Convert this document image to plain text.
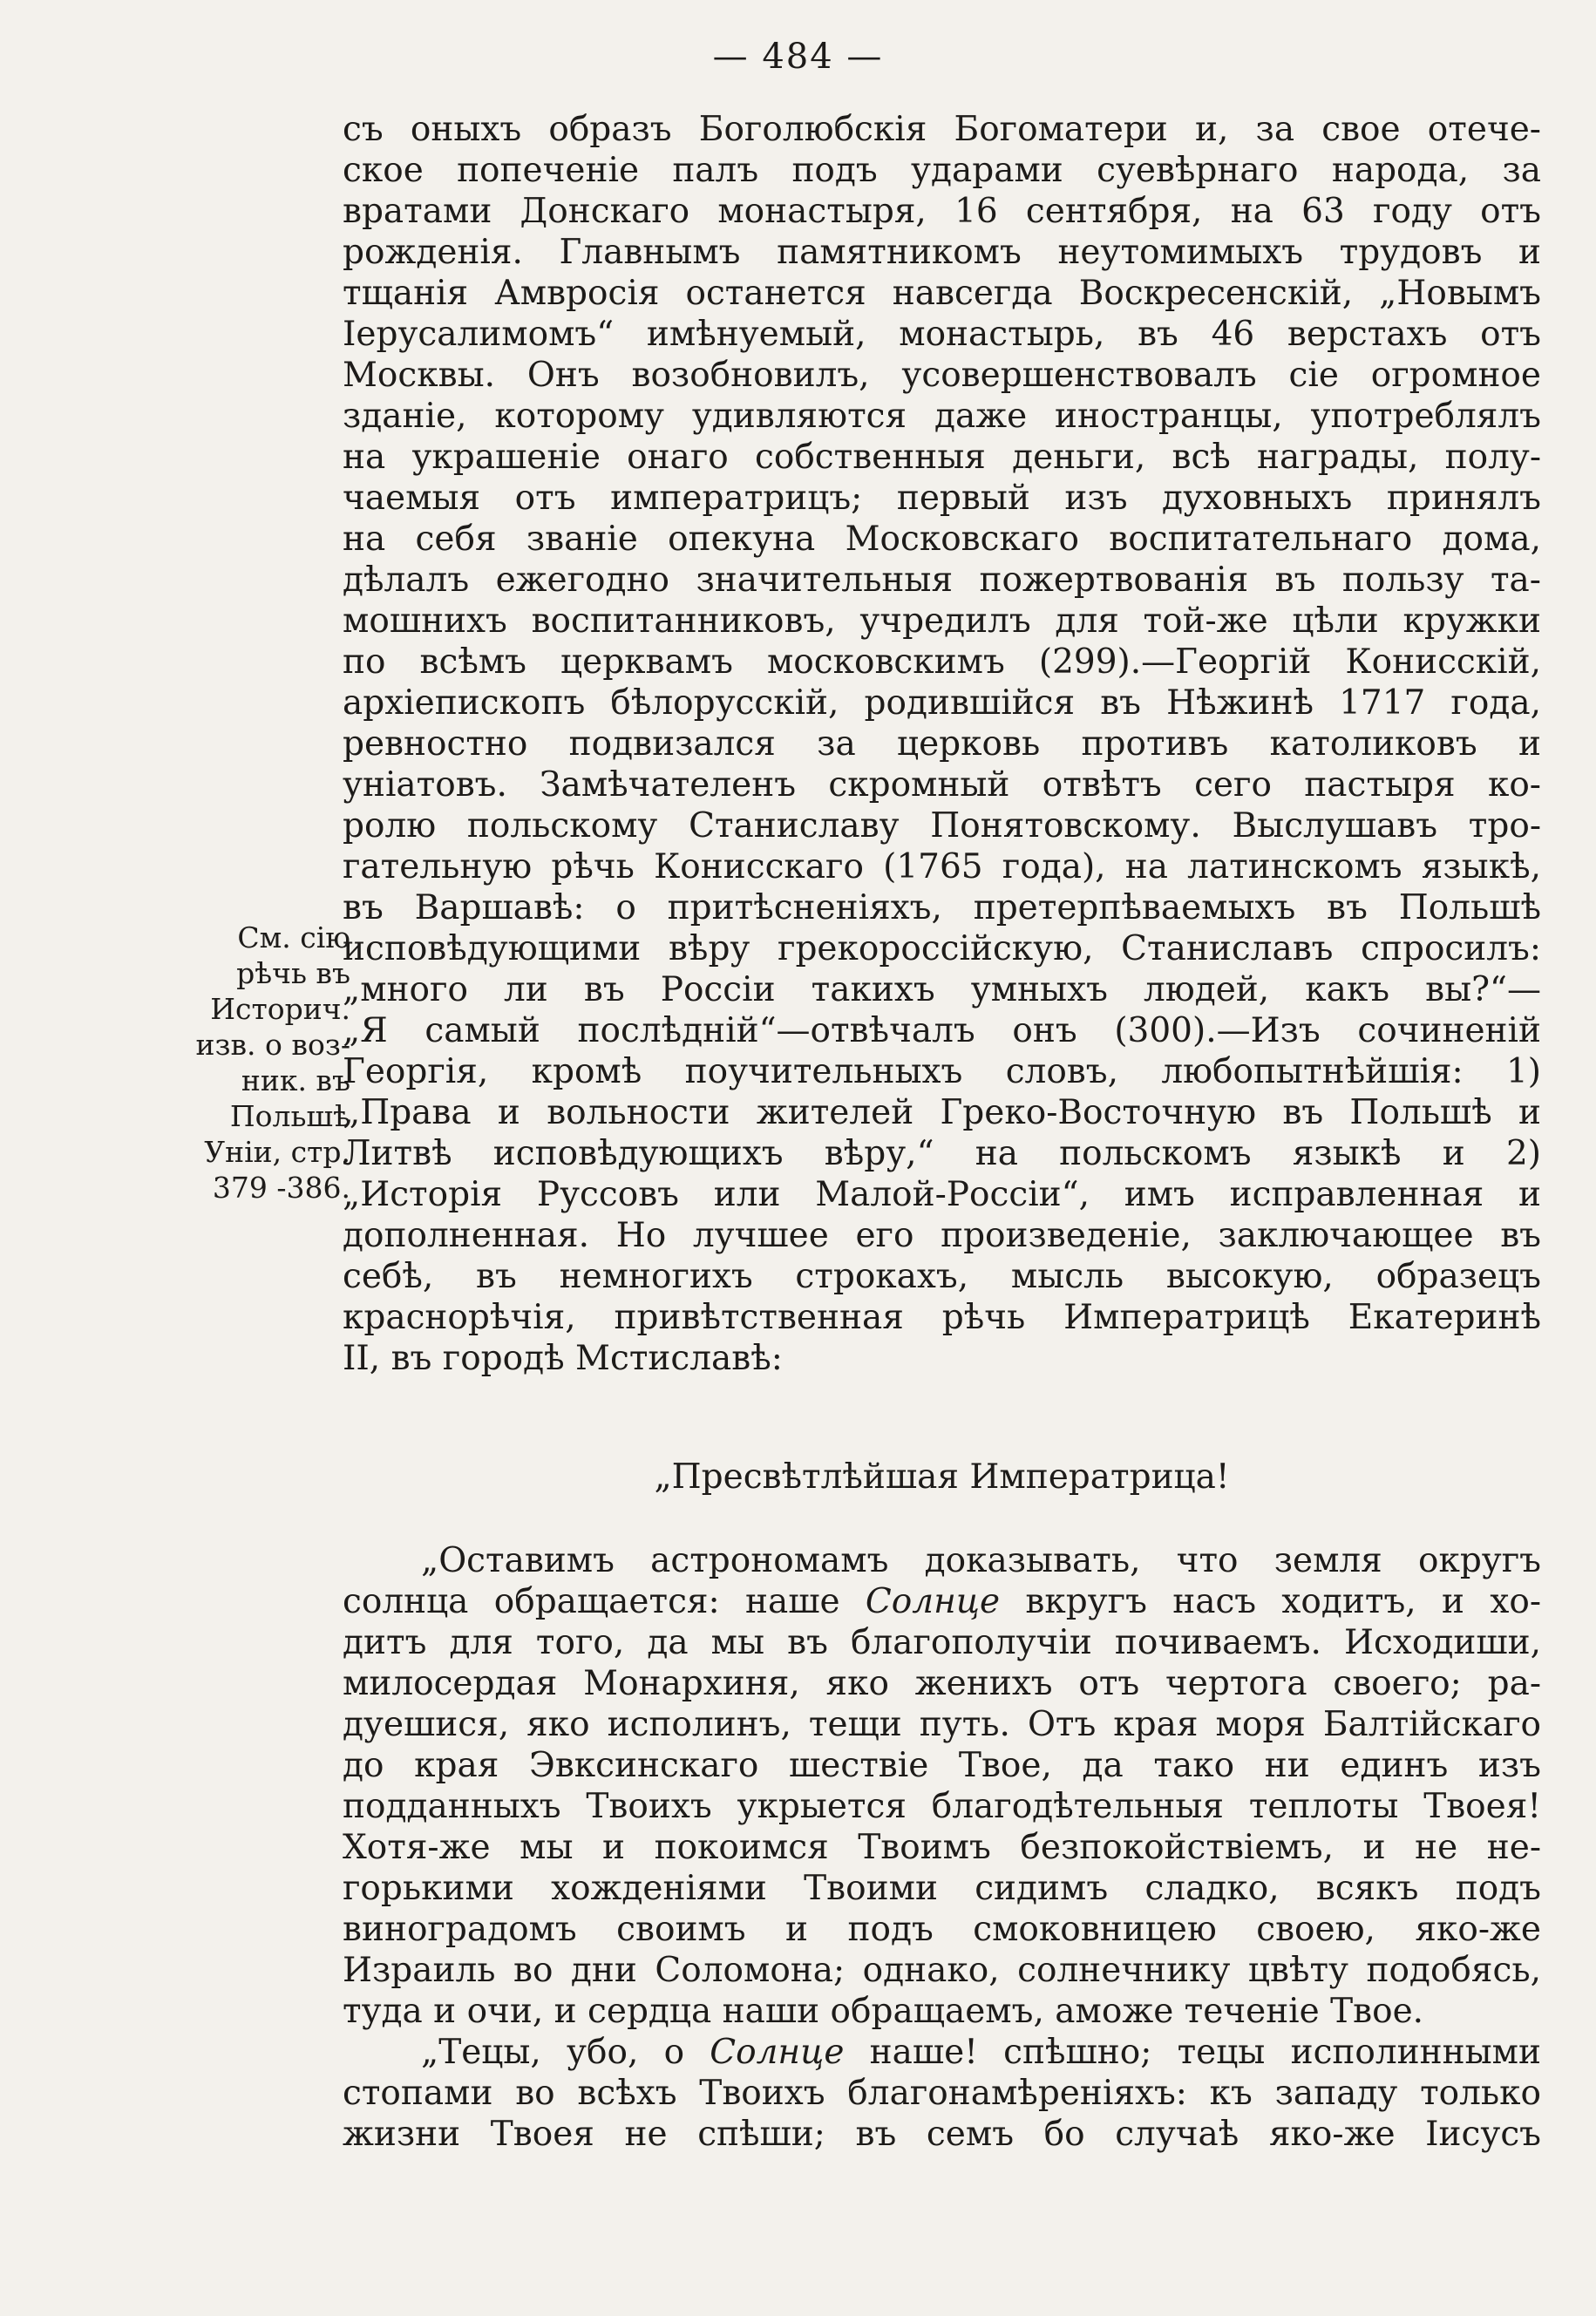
— 484 —
См. сію
рѣчь въ
Историч.
изв. о воз-
ник. въ
Польшѣ
Уніи, стр.
379 -386.
съ оныхъ образъ Боголюбскія Богоматери и, за свое отече-
ское попеченіе палъ подъ ударами суевѣрнаго народа, за
вратами Донскаго монастыря, 16 сентября, на 63 году отъ
рожденія. Главнымъ памятникомъ неутомимыхъ трудовъ и
тщанія Амвросія останется навсегда Воскресенскій, „Новымъ
Іерусалимомъ“ имѣнуемый, монастырь, въ 46 верстахъ отъ
Москвы. Онъ возобновилъ, усовершенствовалъ сіе огромное
зданіе, которому удивляются даже иностранцы, употреблялъ
на украшеніе онаго собственныя деньги, всѣ награды, полу-
чаемыя отъ императрицъ; первый изъ духовныхъ принялъ
на себя званіе опекуна Московскаго воспитательнаго дома,
дѣлалъ ежегодно значительныя пожертвованія въ пользу та-
мошнихъ воспитанниковъ, учредилъ для той-же цѣли кружки
по всѣмъ церквамъ московскимъ (299).—Георгій Конисскій,
архіепископъ бѣлорусскій, родившійся въ Нѣжинѣ 1717 года,
ревностно подвизался за церковь противъ католиковъ и
уніатовъ. Замѣчателенъ скромный отвѣтъ сего пастыря ко-
ролю польскому Станиславу Понятовскому. Выслушавъ тро-
гательную рѣчь Конисскаго (1765 года), на латинскомъ языкѣ,
въ Варшавѣ: о притѣсненіяхъ, претерпѣваемыхъ въ Польшѣ
исповѣдующими вѣру грекороссійскую, Станиславъ спросилъ:
„много ли въ Россіи такихъ умныхъ людей, какъ вы?“—
„Я самый послѣдній“—отвѣчалъ онъ (300).—Изъ сочиненій
Георгія, кромѣ поучительныхъ словъ, любопытнѣйшія: 1)
„Права и вольности жителей Греко-Восточную въ Польшѣ и
Литвѣ исповѣдующихъ вѣру,“ на польскомъ языкѣ и 2)
„Исторія Руссовъ или Малой-Россіи“, имъ исправленная и
дополненная. Но лучшее его произведеніе, заключающее въ
себѣ, въ немногихъ строкахъ, мысль высокую, образецъ
краснорѣчія, привѣтственная рѣчь Императрицѣ Екатеринѣ
II, въ городѣ Мстиславѣ:
„Пресвѣтлѣйшая Императрица!
„Оставимъ астрономамъ доказывать, что земля округъ
солнца обращается: наше Солнце вкругъ насъ ходитъ, и хо-
дитъ для того, да мы въ благополучіи почиваемъ. Исходиши,
милосердая Монархиня, яко женихъ отъ чертога своего; ра-
дуешися, яко исполинъ, тещи путь. Отъ края моря Балтійскаго
до края Эвксинскаго шествіе Твое, да тако ни единъ изъ
подданныхъ Твоихъ укрыется благодѣтельныя теплоты Твоея!
Хотя-же мы и покоимся Твоимъ безпокойствіемъ, и не не-
горькими хожденіями Твоими сидимъ сладко, всякъ подъ
виноградомъ своимъ и подъ смоковницею своею, яко-же
Израиль во дни Соломона; однако, солнечнику цвѣту подобясь,
туда и очи, и сердца наши обращаемъ, аможе теченіе Твое.
„Тецы, убо, о Солнце наше! спѣшно; тецы исполинными
стопами во всѣхъ Твоихъ благонамѣреніяхъ: къ западу только
жизни Твоея не спѣши; въ семъ бо случаѣ яко-же Іисусъ
